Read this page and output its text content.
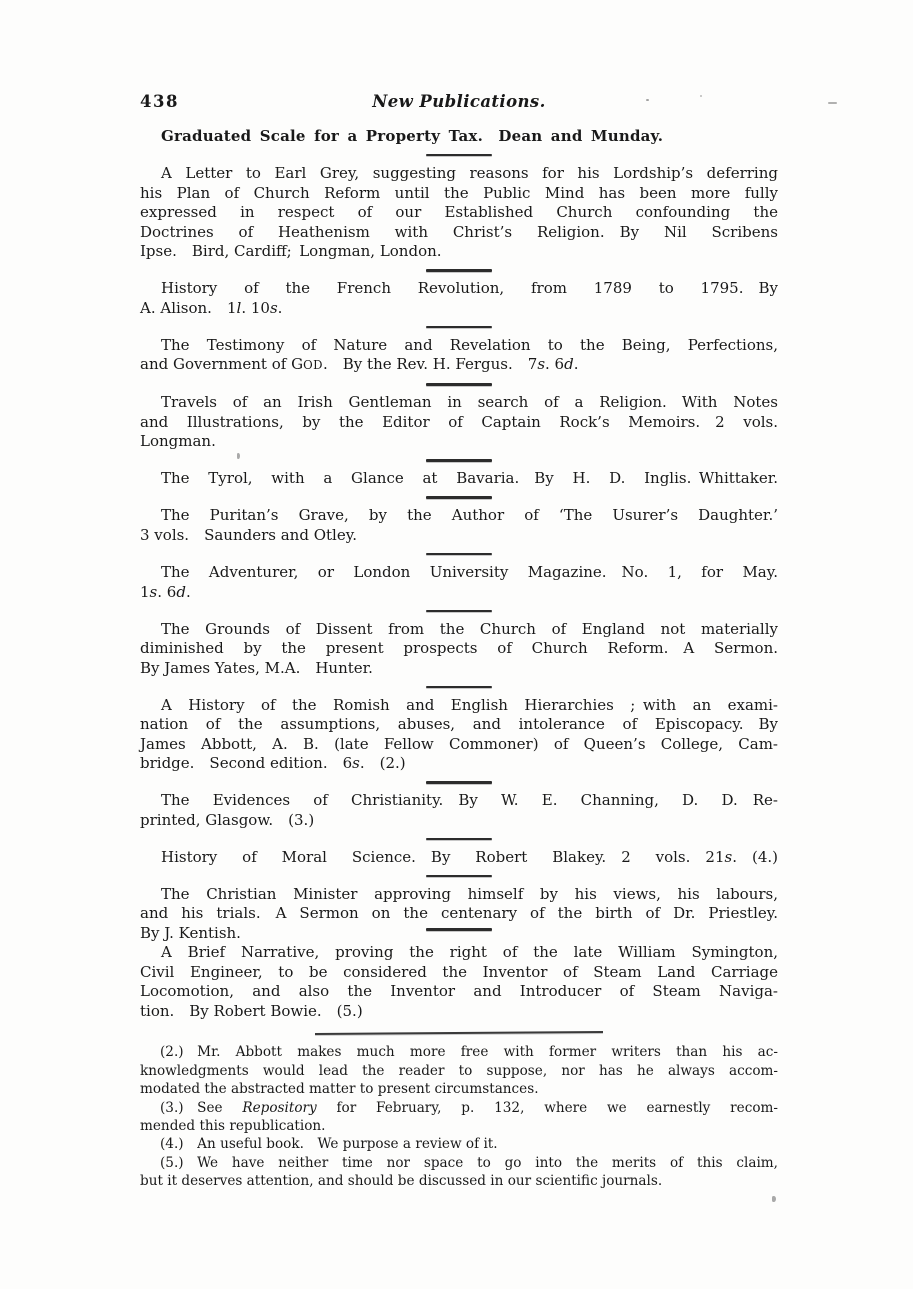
438	New Publications.
Graduated Scale for a Property Tax.  Dean and Munday.
A Letter to Earl Grey, suggesting reasons for his Lordship’s deferring
his Plan of Church Reform until the Public Mind has been more fully
expressed in respect of our Established Church confounding the
Doctrines of Heathenism with Christ’s Religion.  By Nil Scribens
Ipse.  Bird, Cardiff; Longman, London.
History of the French Revolution, from 1789 to 1795.  By
A. Alison.  1l. 10s.
The Testimony of Nature and Revelation to the Being, Perfections,
and Government of GOD.  By the Rev. H. Fergus.  7s. 6d.
Travels of an Irish Gentleman in search of a Religion.  With Notes
and Illustrations, by the Editor of Captain Rock’s Memoirs.  2 vols.
Longman.
The Tyrol, with a Glance at Bavaria.  By H. D. Inglis. Whittaker.
The Puritan’s Grave, by the Author of ‘The Usurer’s Daughter.’
3 vols.  Saunders and Otley.
The Adventurer, or London University Magazine.  No. 1, for May.
1s. 6d.
The Grounds of Dissent from the Church of England not materially
diminished by the present prospects of Church Reform.  A Sermon.
By James Yates, M.A.  Hunter.
A History of the Romish and English Hierarchies ; with an exami-
nation of the assumptions, abuses, and intolerance of Episcopacy.  By
James Abbott, A. B. (late Fellow Commoner) of Queen’s College, Cam-
bridge.  Second edition.  6s.  (2.)
The Evidences of Christianity.  By W. E. Channing, D. D.  Re-
printed, Glasgow.  (3.)
History of Moral Science.  By Robert Blakey.  2 vols.  21s.  (4.)
The Christian Minister approving himself by his views, his labours,
and his trials.  A Sermon on the centenary of the birth of Dr. Priestley.
By J. Kentish.
A Brief Narrative, proving the right of the late William Symington,
Civil Engineer, to be considered the Inventor of Steam Land Carriage
Locomotion, and also the Inventor and Introducer of Steam Naviga-
tion.  By Robert Bowie.  (5.)
(2.)  Mr. Abbott makes much more free with former writers than his ac-
knowledgments would lead the reader to suppose, nor has he always accom-
modated the abstracted matter to present circumstances.
(3.)  See Repository for February, p. 132, where we earnestly recom-
mended this republication.
(4.)  An useful book.  We purpose a review of it.
(5.)  We have neither time nor space to go into the merits of this claim,
but it deserves attention, and should be discussed in our scientific journals.
